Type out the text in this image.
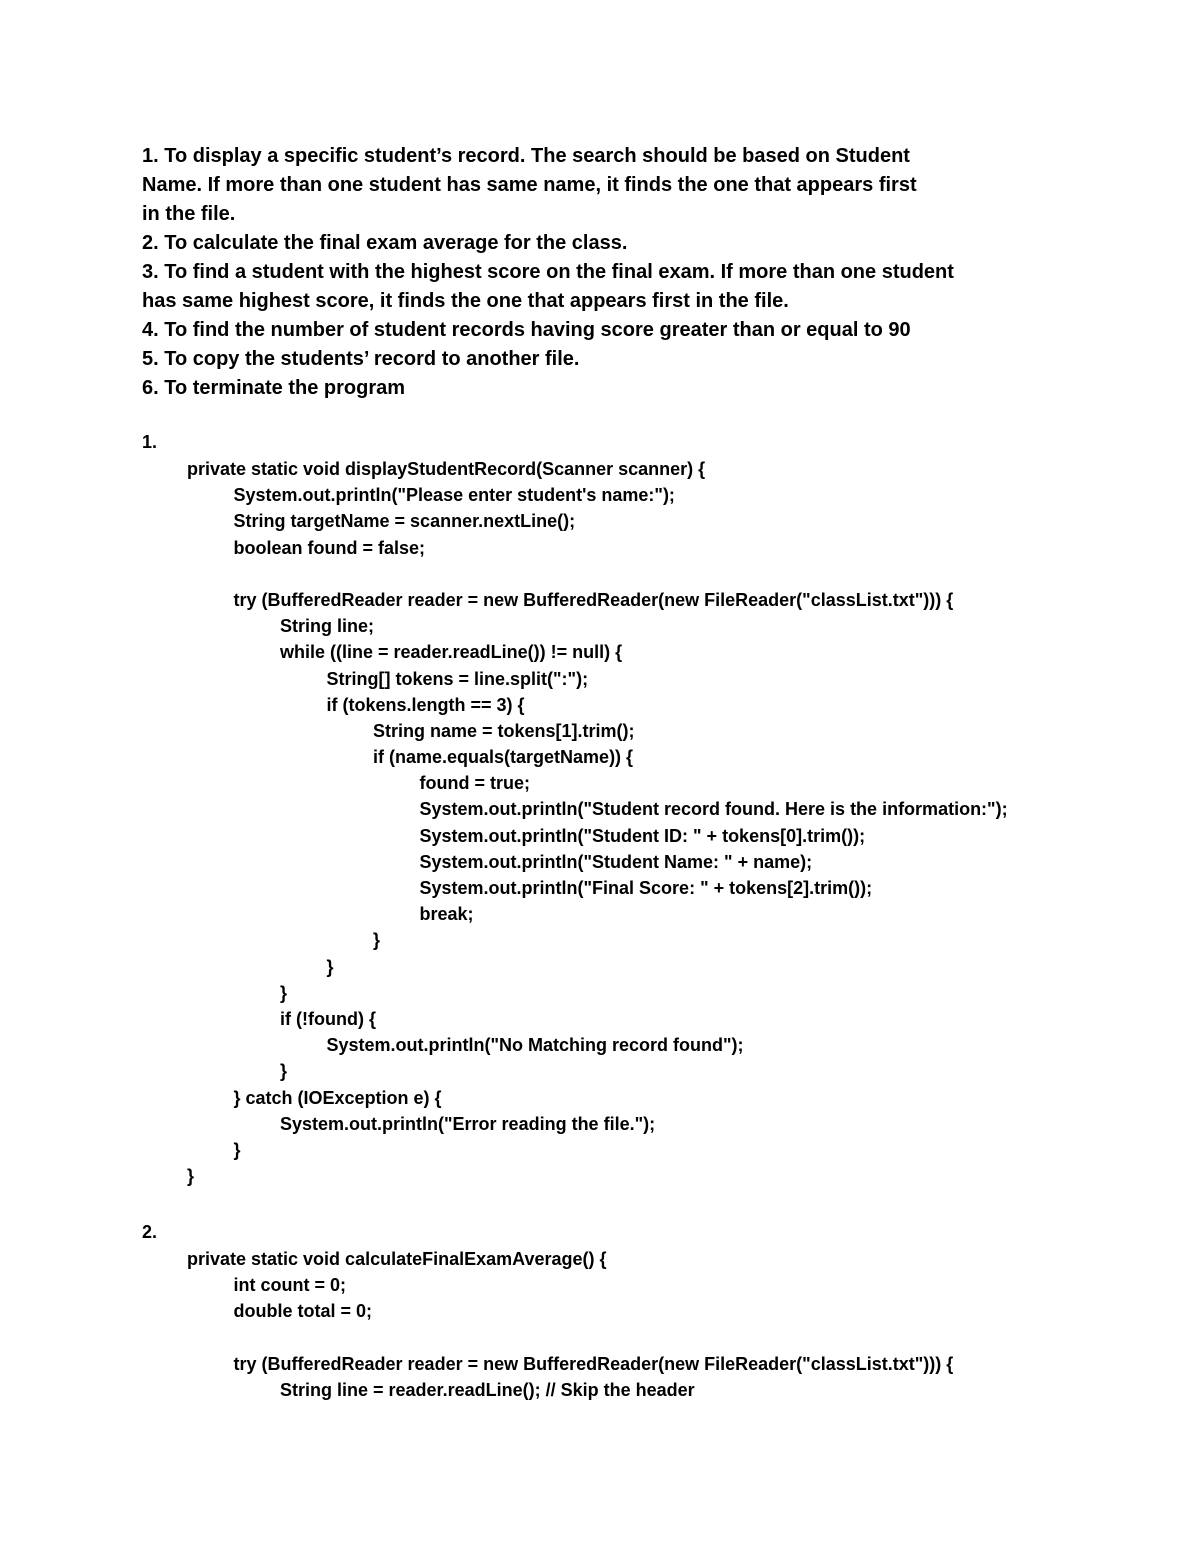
1. To display a specific student’s record. The search should be based on Student
Name. If more than one student has same name, it finds the one that appears first
in the file.
2. To calculate the final exam average for the class.
3. To find a student with the highest score on the final exam. If more than one student
has same highest score, it finds the one that appears first in the file.
4. To find the number of student records having score greater than or equal to 90
5. To copy the students’ record to another file.
6. To terminate the program
1.
private static void displayStudentRecord(Scanner scanner) {
System.out.println("Please enter student's name:");
String targetName = scanner.nextLine();
boolean found = false;
try (BufferedReader reader = new BufferedReader(new FileReader("classList.txt"))) {
String line;
while ((line = reader.readLine()) != null) {
String[] tokens = line.split(":");
if (tokens.length == 3) {
String name = tokens[1].trim();
if (name.equals(targetName)) {
found = true;
System.out.println("Student record found. Here is the information:");
System.out.println("Student ID: " + tokens[0].trim());
System.out.println("Student Name: " + name);
System.out.println("Final Score: " + tokens[2].trim());
break;
}
}
}
if (!found) {
System.out.println("No Matching record found");
}
} catch (IOException e) {
System.out.println("Error reading the file.");
}
}
2.
private static void calculateFinalExamAverage() {
int count = 0;
double total = 0;
try (BufferedReader reader = new BufferedReader(new FileReader("classList.txt"))) {
String line = reader.readLine(); // Skip the header
